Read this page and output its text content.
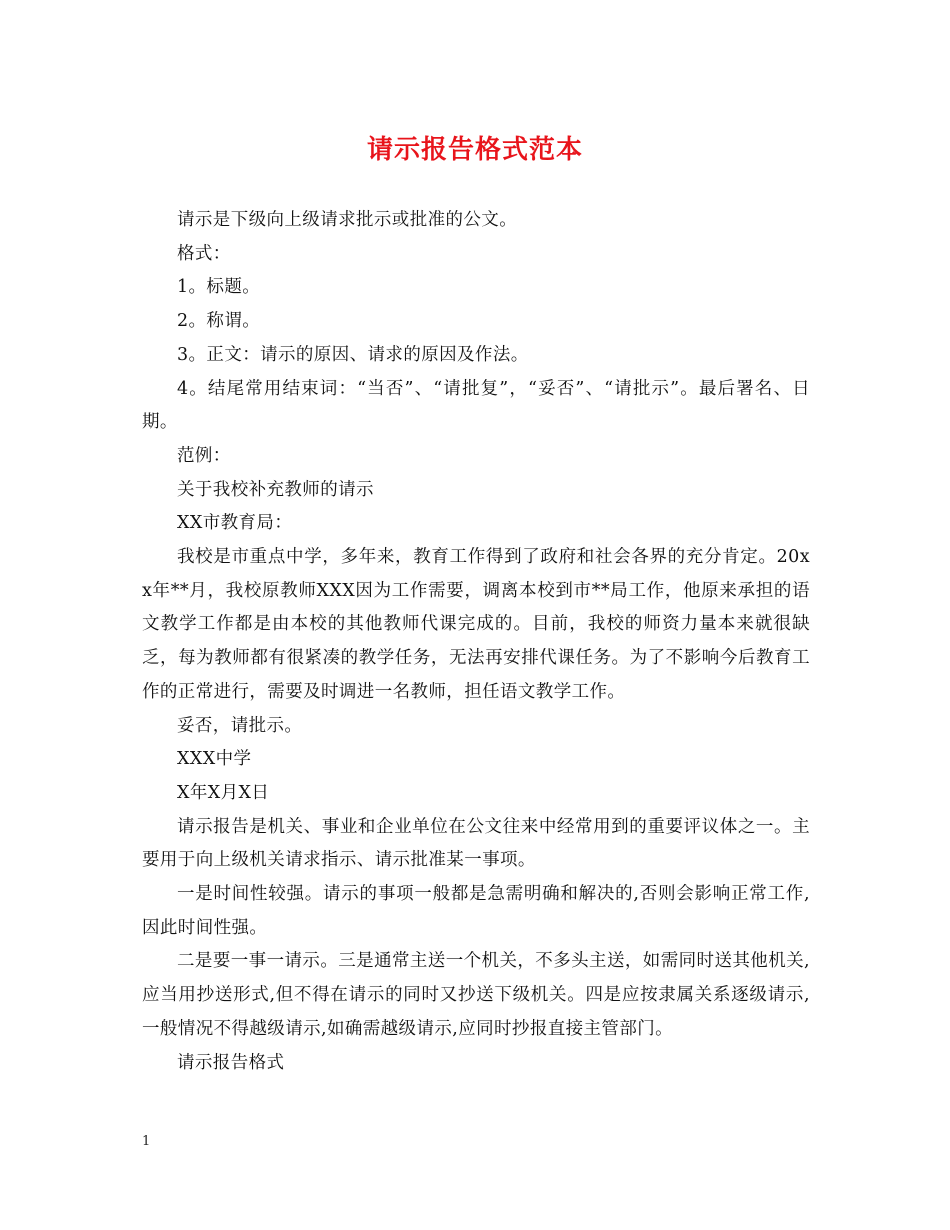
请示报告格式范本

请示是下级向上级请求批示或批准的公文。

格式：

1。标题。

2。称谓。

3。正文：请示的原因、请求的原因及作法。

4。结尾常用结束词：“当否”、“请批复”，“妥否”、“请批示”。最后署名、日期。

范例：

关于我校补充教师的请示

XX市教育局：

我校是市重点中学，多年来，教育工作得到了政府和社会各界的充分肯定。20xx年**月，我校原教师XXX因为工作需要，调离本校到市**局工作，他原来承担的语文教学工作都是由本校的其他教师代课完成的。目前，我校的师资力量本来就很缺乏，每为教师都有很紧凑的教学任务，无法再安排代课任务。为了不影响今后教育工作的正常进行，需要及时调进一名教师，担任语文教学工作。

妥否，请批示。

XXX中学

X年X月X日

请示报告是机关、事业和企业单位在公文往来中经常用到的重要评议体之一。主要用于向上级机关请求指示、请示批准某一事项。

一是时间性较强。请示的事项一般都是急需明确和解决的,否则会影响正常工作,因此时间性强。

二是要一事一请示。三是通常主送一个机关，不多头主送，如需同时送其他机关,应当用抄送形式,但不得在请示的同时又抄送下级机关。四是应按隶属关系逐级请示,一般情况不得越级请示,如确需越级请示,应同时抄报直接主管部门。

请示报告格式

1
